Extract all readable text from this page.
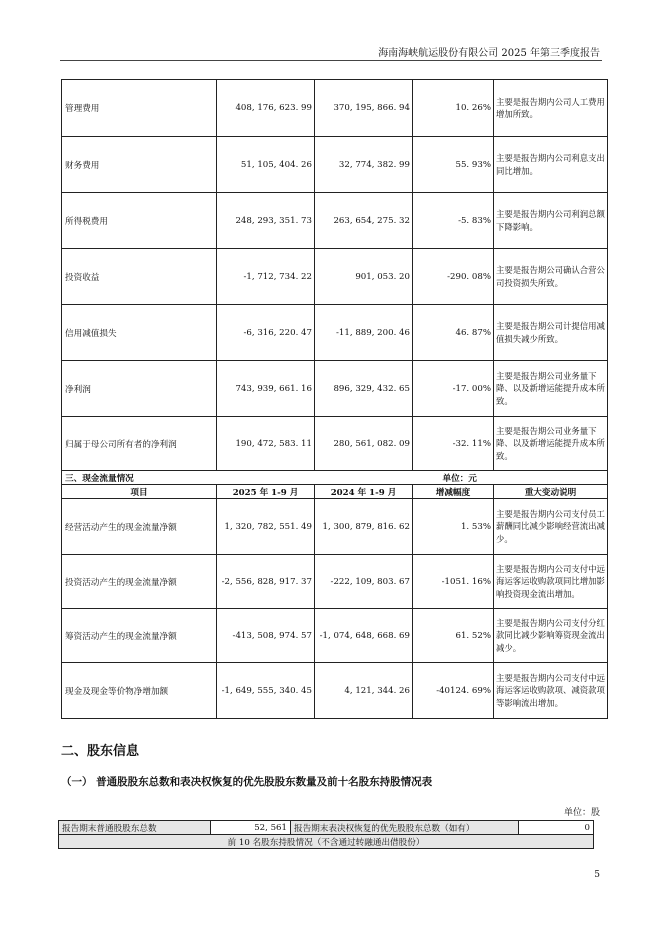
海南海峡航运股份有限公司 2025 年第三季度报告
管理费用	408, 176, 623. 99	370, 195, 866. 94	10. 26%	主要是报告期内公司人工费用增加所致。
财务费用	51, 105, 404. 26	32, 774, 382. 99	55. 93%	主要是报告期内公司利息支出同比增加。
所得税费用	248, 293, 351. 73	263, 654, 275. 32	-5. 83%	主要是报告期内公司利润总额下降影响。
投资收益	-1, 712, 734. 22	901, 053. 20	-290. 08%	主要是报告期公司确认合营公司投资损失所致。
信用减值损失	-6, 316, 220. 47	-11, 889, 200. 46	46. 87%	主要是报告期公司计提信用减值损失减少所致。
净利润	743, 939, 661. 16	896, 329, 432. 65	-17. 00%	主要是报告期公司业务量下降、以及新增运能提升成本所致。
归属于母公司所有者的净利润	190, 472, 583. 11	280, 561, 082. 09	-32. 11%	主要是报告期公司业务量下降、以及新增运能提升成本所致。
三、现金流量情况			单位：元	
项目	2025 年 1-9 月	2024 年 1-9 月	增减幅度	重大变动说明
经营活动产生的现金流量净额	1, 320, 782, 551. 49	1, 300, 879, 816. 62	1. 53%	主要是报告期内公司支付员工薪酬同比减少影响经营流出减少。
投资活动产生的现金流量净额	-2, 556, 828, 917. 37	-222, 109, 803. 67	-1051. 16%	主要是报告期内公司支付中远海运客运收购款项同比增加影响投资现金流出增加。
筹资活动产生的现金流量净额	-413, 508, 974. 57	-1, 074, 648, 668. 69	61. 52%	主要是报告期内公司支付分红款同比减少影响筹资现金流出减少。
现金及现金等价物净增加额	-1, 649, 555, 340. 45	4, 121, 344. 26	-40124. 69%	主要是报告期内公司支付中远海运客运收购款项、减资款项等影响流出增加。
二、股东信息
（一） 普通股股东总数和表决权恢复的优先股股东数量及前十名股东持股情况表
单位：股
报告期末普通股股东总数	52, 561	报告期末表决权恢复的优先股股东总数（如有）	0
前 10 名股东持股情况（不含通过转融通出借股份）
5
